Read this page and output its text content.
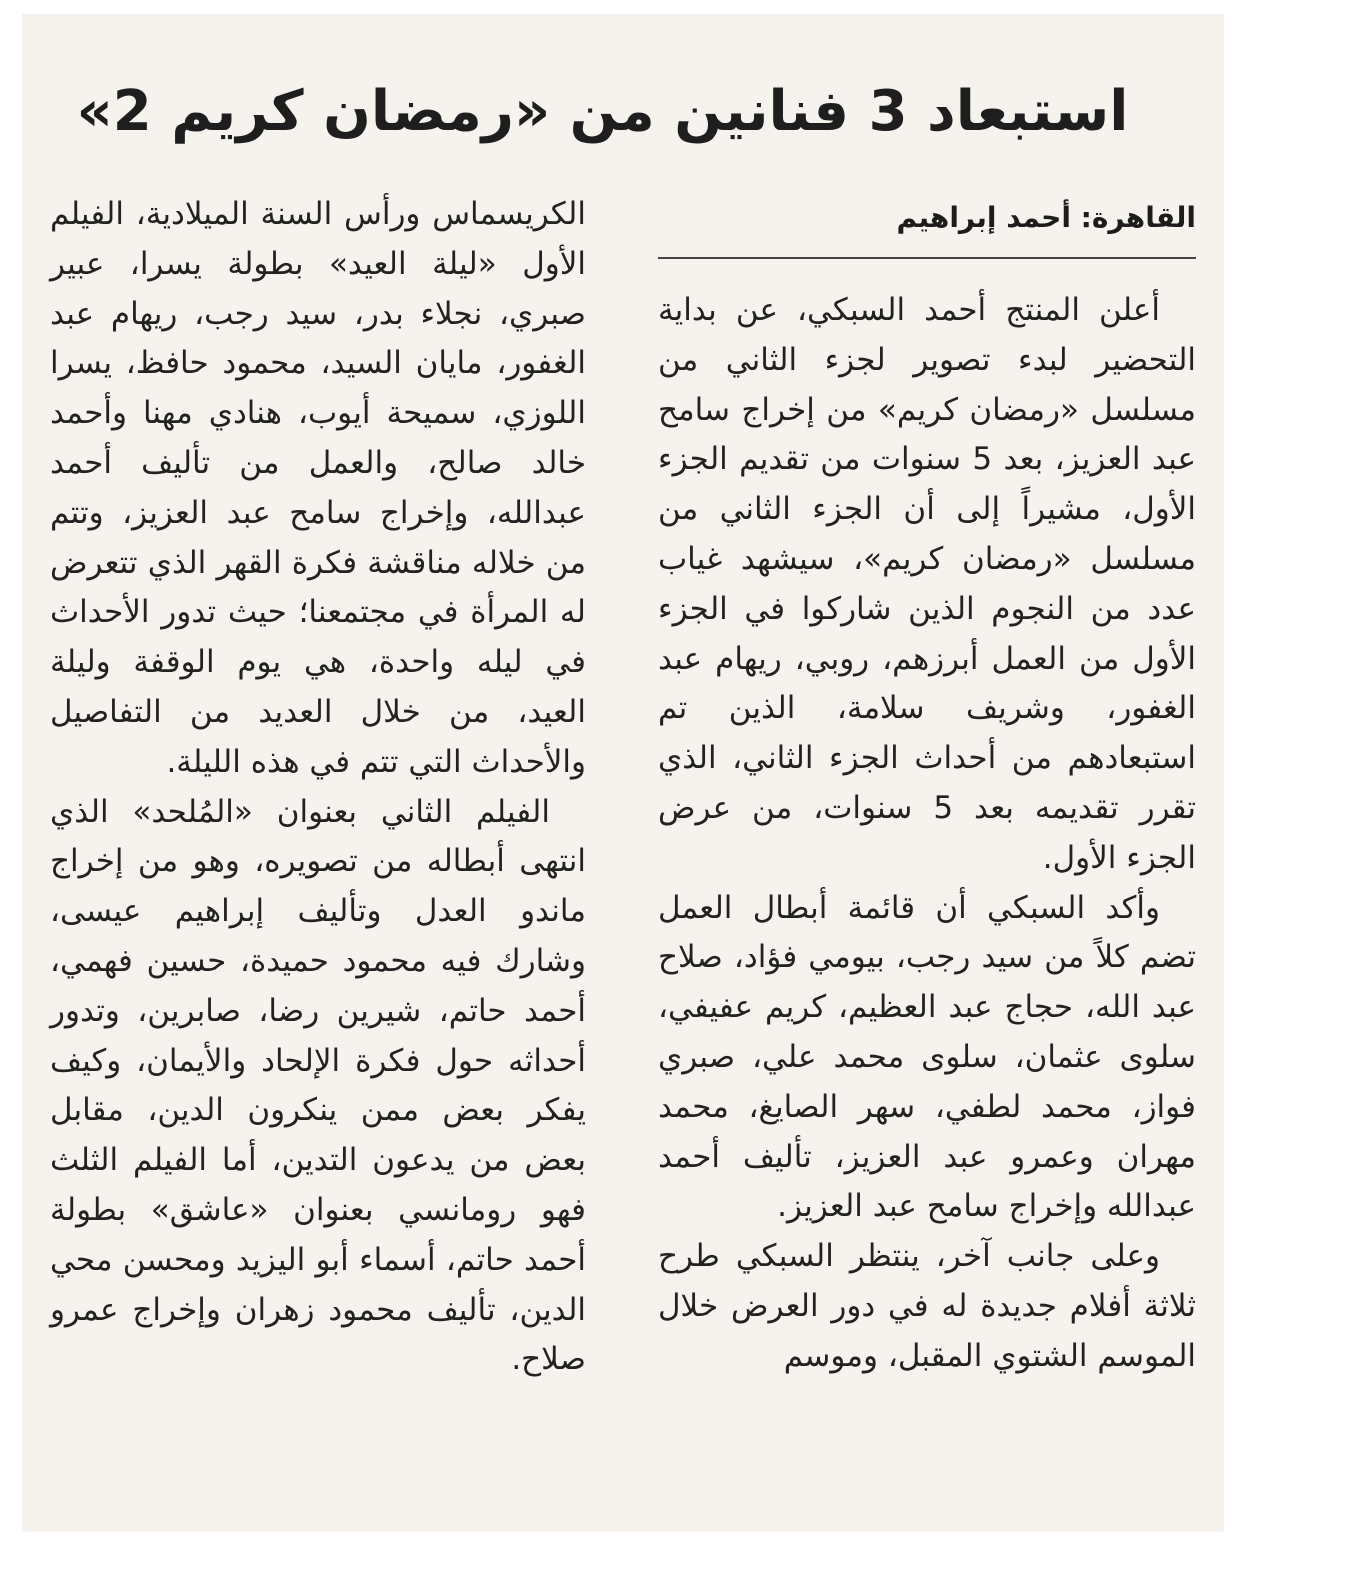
استبعاد 3 فنانين من «رمضان كريم 2»
القاهرة: أحمد إبراهيم

أعلن المنتج أحمد السبكي، عن بداية التحضير لبدء تصوير لجزء الثاني من مسلسل «رمضان كريم» من إخراج سامح عبد العزيز، بعد 5 سنوات من تقديم الجزء الأول، مشيراً إلى أن الجزء الثاني من مسلسل «رمضان كريم»، سيشهد غياب عدد من النجوم الذين شاركوا في الجزء الأول من العمل أبرزهم، روبي، ريهام عبد الغفور، وشريف سلامة، الذين تم استبعادهم من أحداث الجزء الثاني، الذي تقرر تقديمه بعد 5 سنوات، من عرض الجزء الأول.

وأكد السبكي أن قائمة أبطال العمل تضم كلاً من سيد رجب، بيومي فؤاد، صلاح عبد الله، حجاج عبد العظيم، كريم عفيفي، سلوى عثمان، سلوى محمد علي، صبري فواز، محمد لطفي، سهر الصايغ، محمد مهران وعمرو عبد العزيز، تأليف أحمد عبدالله وإخراج سامح عبد العزيز.

وعلى جانب آخر، ينتظر السبكي طرح ثلاثة أفلام جديدة له في دور العرض خلال الموسم الشتوي المقبل، وموسم

الكريسماس ورأس السنة الميلادية، الفيلم الأول «ليلة العيد» بطولة يسرا، عبير صبري، نجلاء بدر، سيد رجب، ريهام عبد الغفور، مايان السيد، محمود حافظ، يسرا اللوزي، سميحة أيوب، هنادي مهنا وأحمد خالد صالح، والعمل من تأليف أحمد عبدالله، وإخراج سامح عبد العزيز، وتتم من خلاله مناقشة فكرة القهر الذي تتعرض له المرأة في مجتمعنا؛ حيث تدور الأحداث في ليله واحدة، هي يوم الوقفة وليلة العيد، من خلال العديد من التفاصيل والأحداث التي تتم في هذه الليلة.

الفيلم الثاني بعنوان «المُلحد» الذي انتهى أبطاله من تصويره، وهو من إخراج ماندو العدل وتأليف إبراهيم عيسى، وشارك فيه محمود حميدة، حسين فهمي، أحمد حاتم، شيرين رضا، صابرين، وتدور أحداثه حول فكرة الإلحاد والأيمان، وكيف يفكر بعض ممن ينكرون الدين، مقابل بعض من يدعون التدين، أما الفيلم الثلث فهو رومانسي بعنوان «عاشق» بطولة أحمد حاتم، أسماء أبو اليزيد ومحسن محي الدين، تأليف محمود زهران وإخراج عمرو صلاح.
